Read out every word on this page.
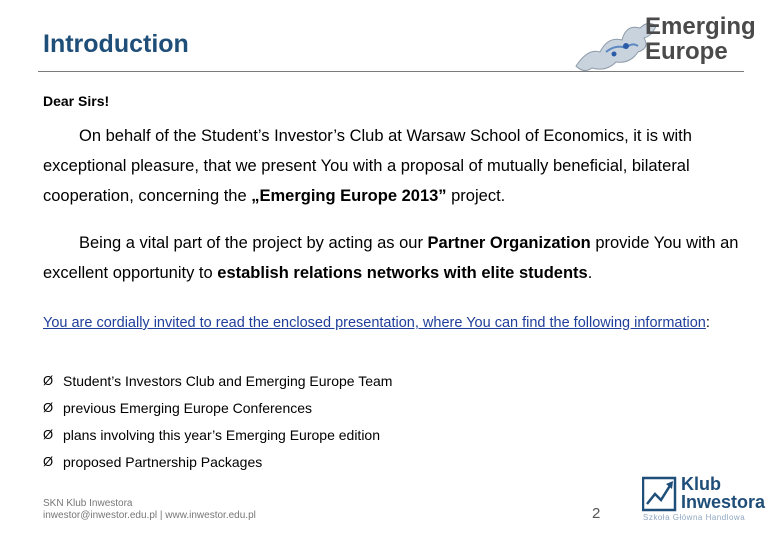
Introduction
Emerging
Europe
Dear Sirs!
On behalf of the Student’s Investor’s Club at Warsaw School of Economics, it is with exceptional pleasure, that we present You with a proposal of mutually beneficial, bilateral cooperation, concerning the „Emerging Europe 2013” project.
Being a vital part of the project by acting as our Partner Organization provide You with an excellent opportunity to establish relations networks with elite students.
You are cordially invited to read the enclosed presentation, where You can find the following information:
Ø Student’s Investors Club and Emerging Europe Team
Ø previous Emerging Europe Conferences
Ø plans involving this year’s Emerging Europe edition
Ø proposed Partnership Packages
SKN Klub Inwestora
inwestor@inwestor.edu.pl | www.inwestor.edu.pl	2
Klub
Inwestora
Szkoła Główna Handlowa
